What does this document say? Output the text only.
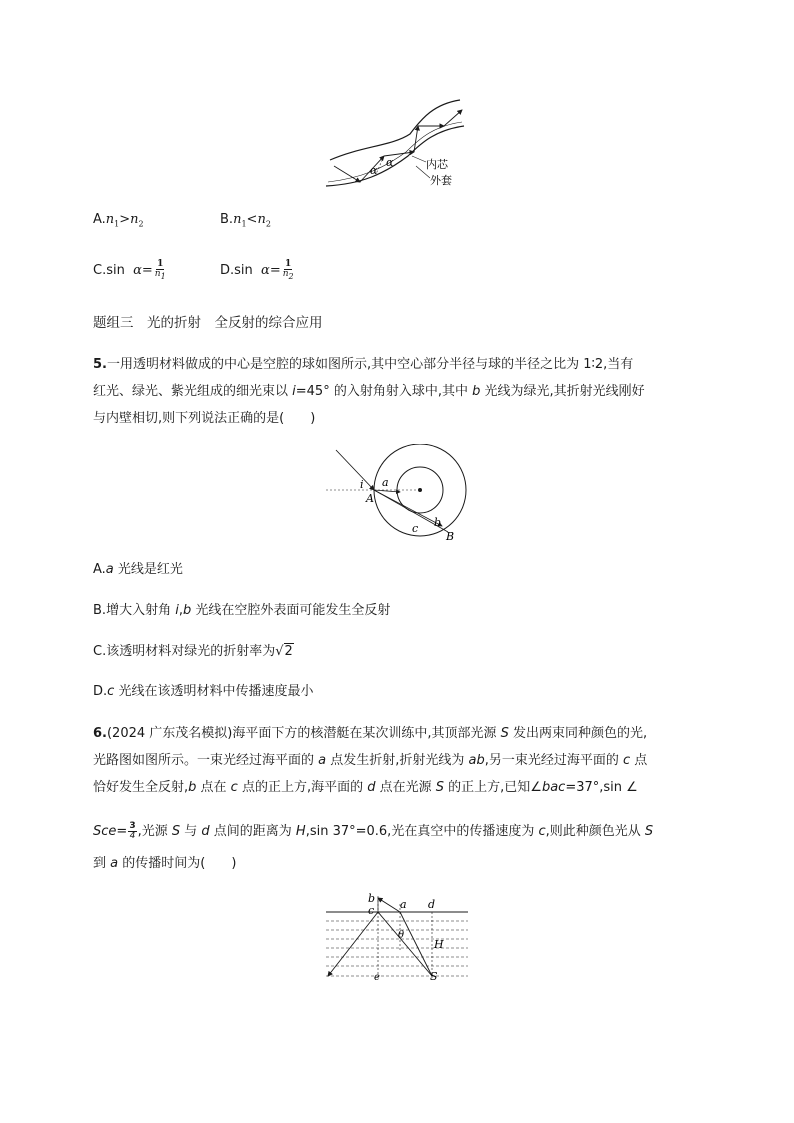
α
α	内芯
外套
$A.n_1>n_2$	$B.n_1<n_2$
C.sin $\alpha= \frac{1}{n_1}$	D.sin $\alpha= \frac{1}{n_2}$
题组三　光的折射　全反射的综合应用
5.一用透明材料做成的中心是空腔的球如图所示,其中空心部分半径与球的半径之比为 1∶2,当有
红光、绿光、紫光组成的细光束以 i=45° 的入射角射入球中,其中 b 光线为绿光,其折射光线刚好
与内壁相切,则下列说法正确的是(　　)
i
A
a
b
c
B
A.a 光线是红光
B.增大入射角 i,b 光线在空腔外表面可能发生全反射
C.该透明材料对绿光的折射率为√2
D.c 光线在该透明材料中传播速度最小
6.(2024 广东茂名模拟)海平面下方的核潜艇在某次训练中,其顶部光源 S 发出两束同种颜色的光,
光路图如图所示。一束光经过海平面的 a 点发生折射,折射光线为 ab,另一束光经过海平面的 c 点
恰好发生全反射,b 点在 c 点的正上方,海平面的 d 点在光源 S 的正上方,已知∠bac=37°,sin ∠
$Sce= \frac{3}{4}$ ,光源 S 与 d 点间的距离为 H,sin 37°=0.6,光在真空中的传播速度为 c,则此种颜色光从 S
到 a 的传播时间为(　　)
b
c a d
θ
H
e	S
